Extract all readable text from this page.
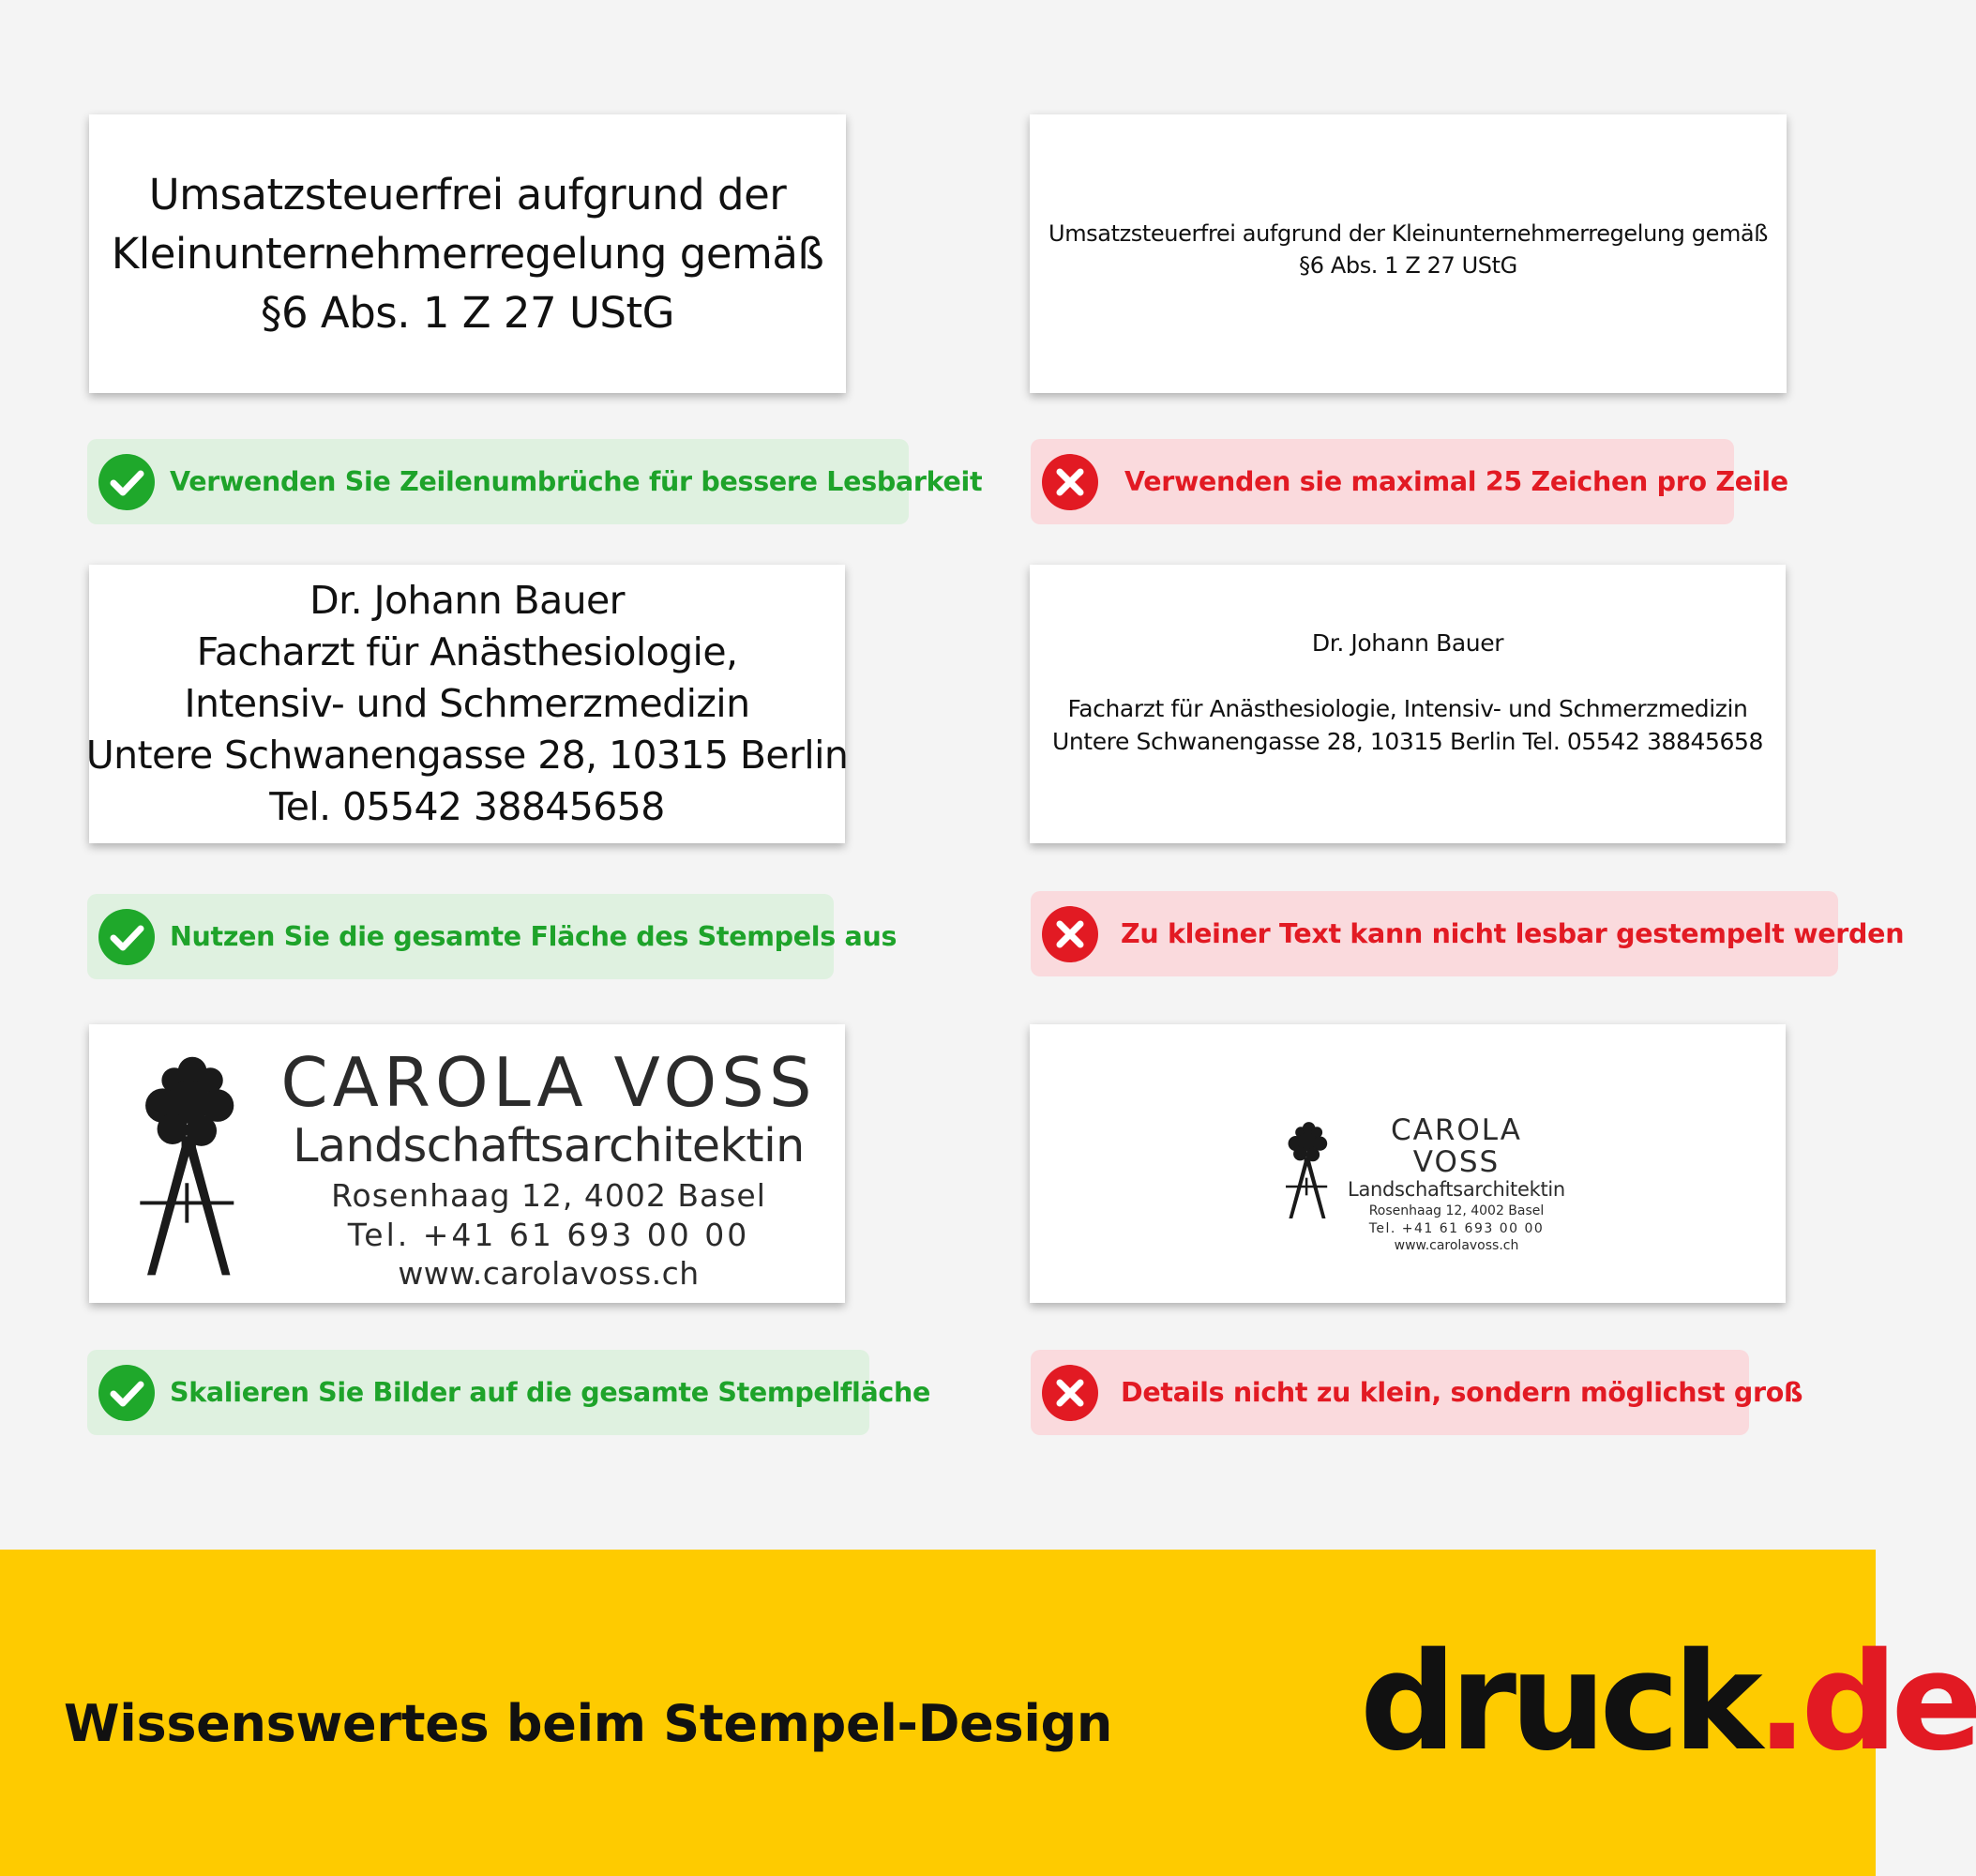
Umsatzsteuerfrei aufgrund der
Kleinunternehmerregelung gemäß
§6 Abs. 1 Z 27 UStG
Umsatzsteuerfrei aufgrund der Kleinunternehmerregelung gemäß
§6 Abs. 1 Z 27 UStG
Verwenden Sie Zeilenumbrüche für bessere Lesbarkeit	Verwenden sie maximal 25 Zeichen pro Zeile
Dr. Johann Bauer
Facharzt für Anästhesiologie,
Intensiv- und Schmerzmedizin
Untere Schwanengasse 28, 10315 Berlin
Tel. 05542 38845658
Dr. Johann Bauer
Facharzt für Anästhesiologie, Intensiv- und Schmerzmedizin
Untere Schwanengasse 28, 10315 Berlin Tel. 05542 38845658
Nutzen Sie die gesamte Fläche des Stempels aus	Zu kleiner Text kann nicht lesbar gestempelt werden
CAROLA VOSS
Landschaftsarchitektin
Rosenhaag 12, 4002 Basel
Tel. +41 61 693 00 00
www.carolavoss.ch
CAROLA VOSS
Landschaftsarchitektin
Rosenhaag 12, 4002 Basel
Tel. +41 61 693 00 00
www.carolavoss.ch
Skalieren Sie Bilder auf die gesamte Stempelfläche	Details nicht zu klein, sondern möglichst groß
Wissenswertes beim Stempel-Design druck.de
